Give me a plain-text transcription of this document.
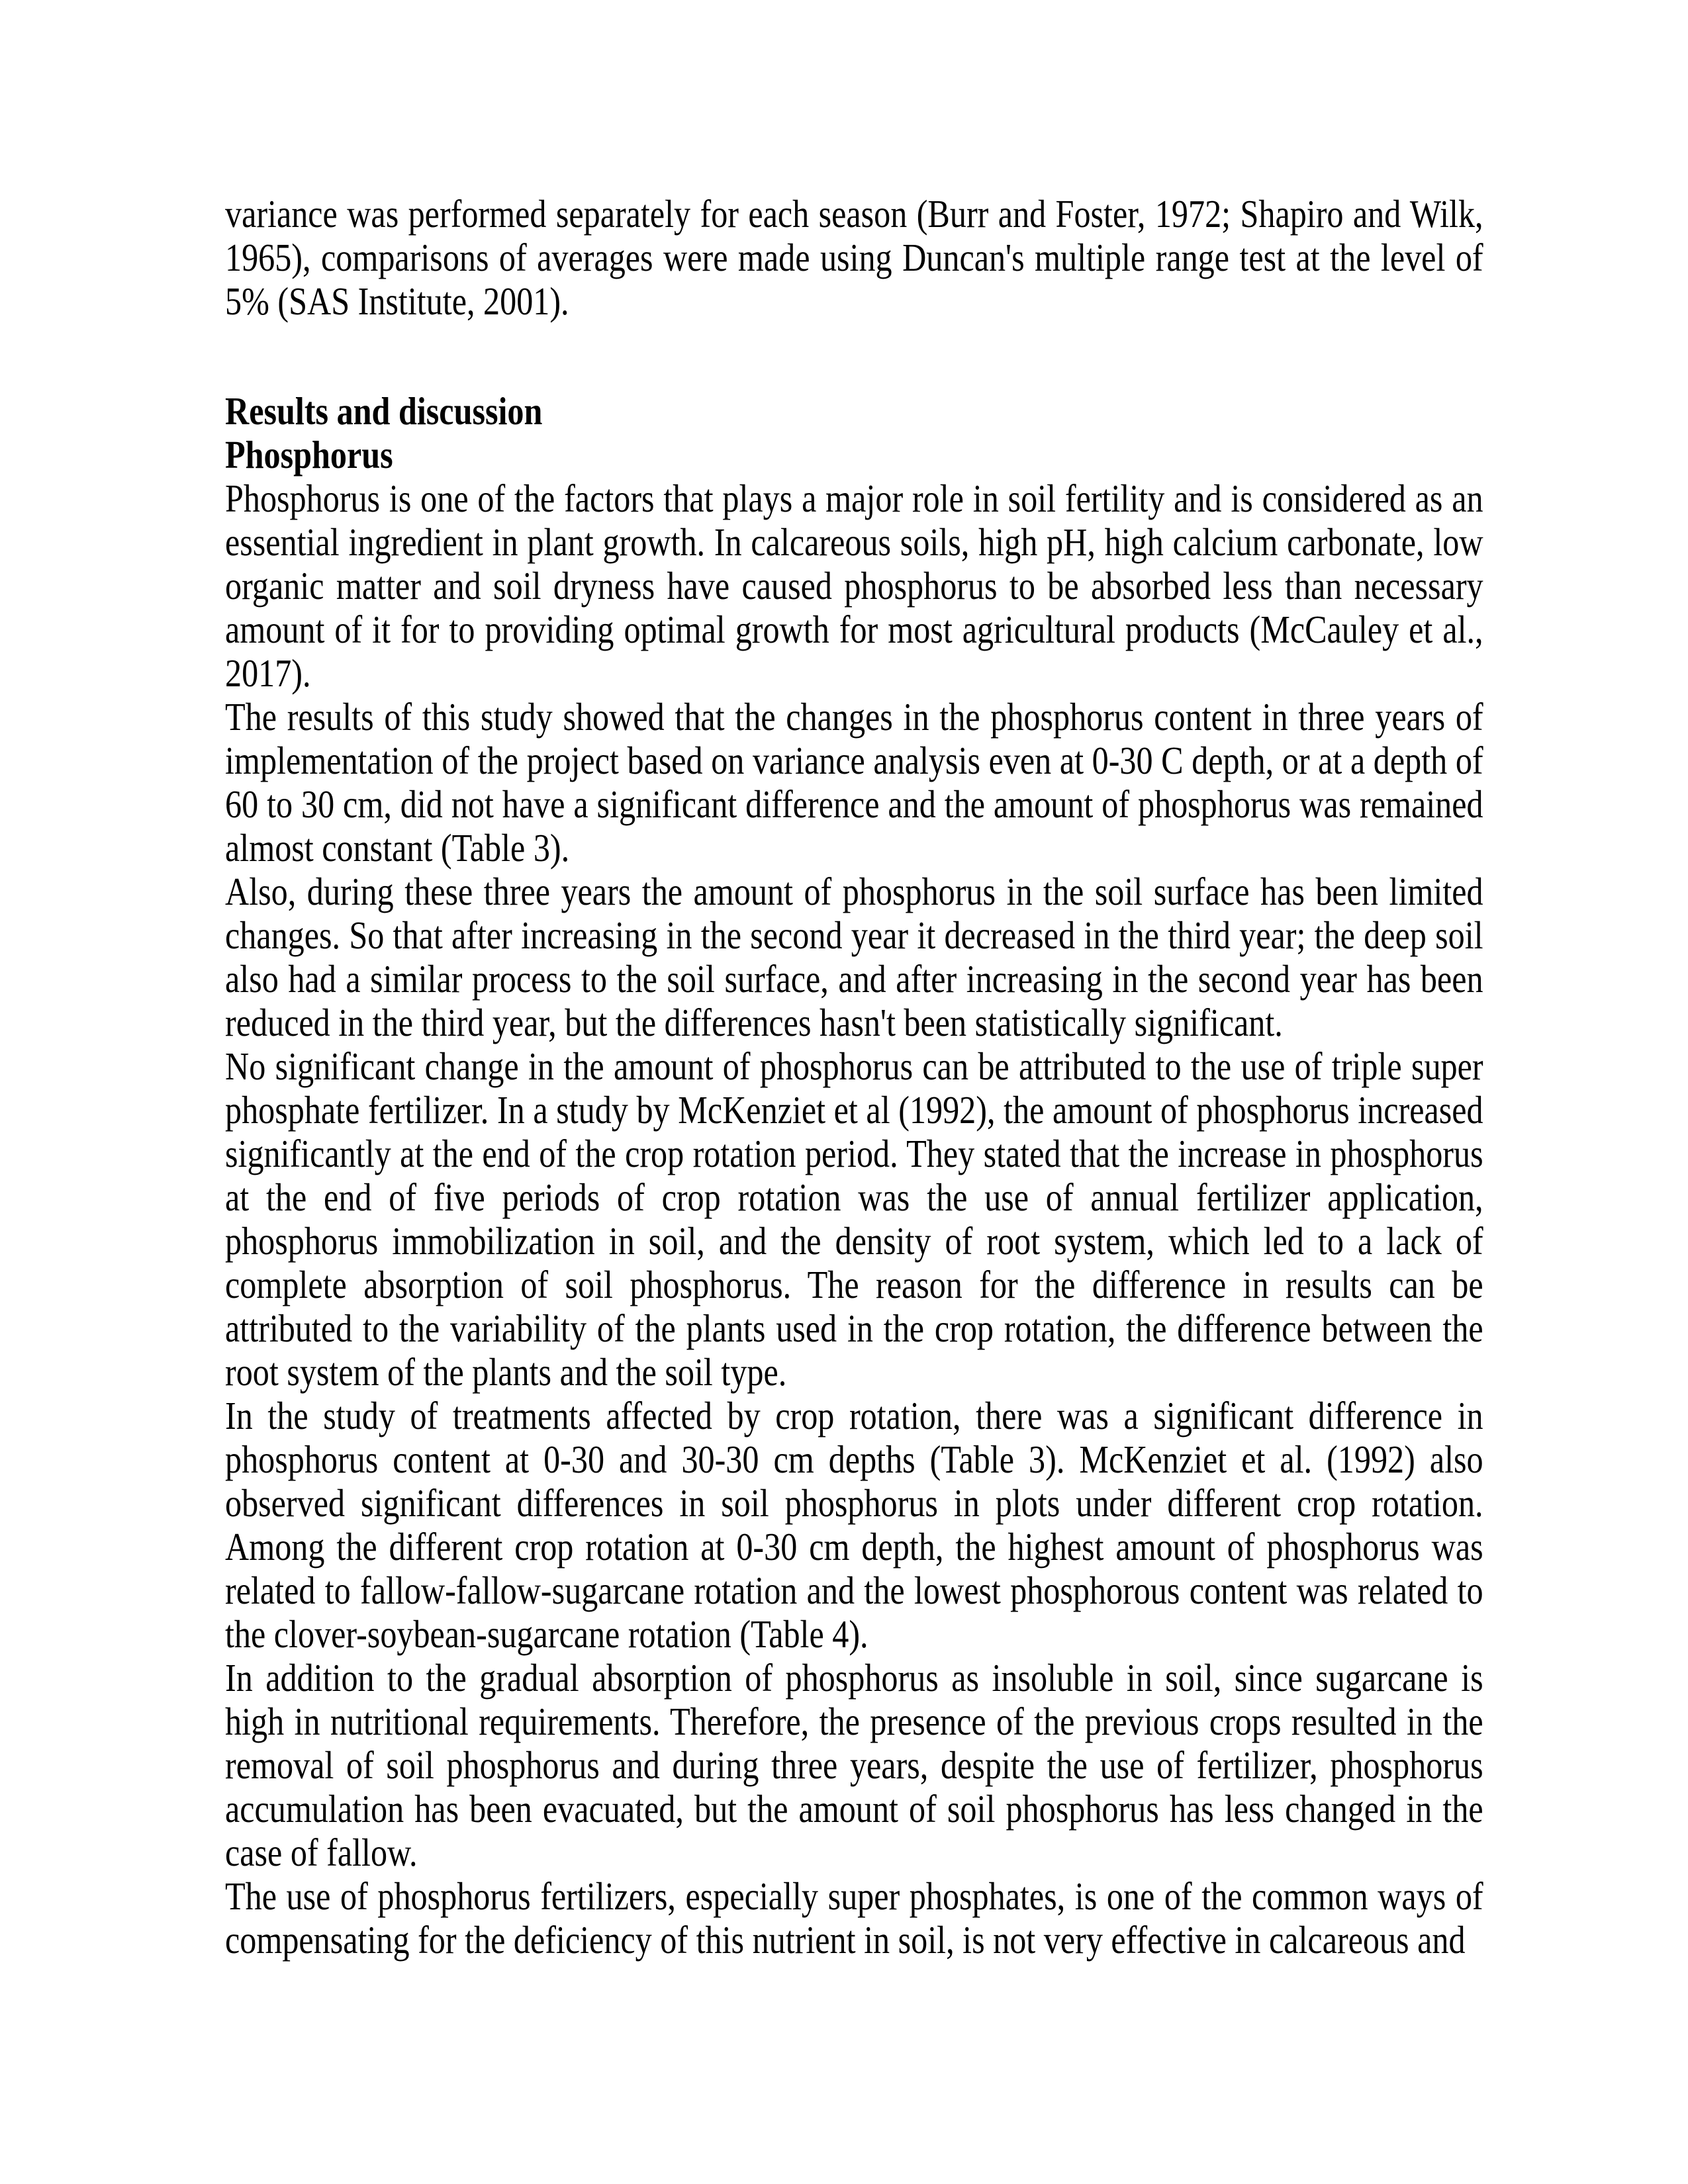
variance was performed separately for each season (Burr and Foster, 1972; Shapiro and Wilk, 1965), comparisons of averages were made using Duncan's multiple range test at the level of 5% (SAS Institute, 2001).

Results and discussion

Phosphorus

Phosphorus is one of the factors that plays a major role in soil fertility and is considered as an essential ingredient in plant growth. In calcareous soils, high pH, high calcium carbonate, low organic matter and soil dryness have caused phosphorus to be absorbed less than necessary amount of it for to providing optimal growth for most agricultural products (McCauley et al., 2017).

The results of this study showed that the changes in the phosphorus content in three years of implementation of the project based on variance analysis even at 0-30 C depth, or at a depth of 60 to 30 cm, did not have a significant difference and the amount of phosphorus was remained almost constant (Table 3).

Also, during these three years the amount of phosphorus in the soil surface has been limited changes. So that after increasing in the second year it decreased in the third year; the deep soil also had a similar process to the soil surface, and after increasing in the second year has been reduced in the third year, but the differences hasn't been statistically significant.

No significant change in the amount of phosphorus can be attributed to the use of triple super phosphate fertilizer. In a study by McKenziet et al (1992), the amount of phosphorus increased significantly at the end of the crop rotation period. They stated that the increase in phosphorus at the end of five periods of crop rotation was the use of annual fertilizer application, phosphorus immobilization in soil, and the density of root system, which led to a lack of complete absorption of soil phosphorus. The reason for the difference in results can be attributed to the variability of the plants used in the crop rotation, the difference between the root system of the plants and the soil type.

In the study of treatments affected by crop rotation, there was a significant difference in phosphorus content at 0-30 and 30-30 cm depths (Table 3). McKenziet et al. (1992) also observed significant differences in soil phosphorus in plots under different crop rotation. Among the different crop rotation at 0-30 cm depth, the highest amount of phosphorus was related to fallow-fallow-sugarcane rotation and the lowest phosphorous content was related to the clover-soybean-sugarcane rotation (Table 4).

In addition to the gradual absorption of phosphorus as insoluble in soil, since sugarcane is high in nutritional requirements. Therefore, the presence of the previous crops resulted in the removal of soil phosphorus and during three years, despite the use of fertilizer, phosphorus accumulation has been evacuated, but the amount of soil phosphorus has less changed in the case of fallow.

The use of phosphorus fertilizers, especially super phosphates, is one of the common ways of compensating for the deficiency of this nutrient in soil, is not very effective in calcareous and
